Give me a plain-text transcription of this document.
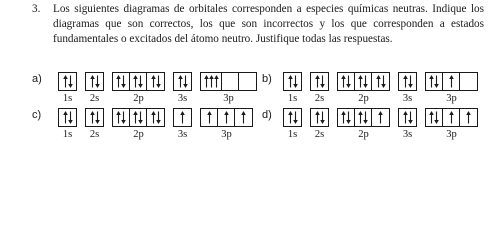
3. Los siguientes diagramas de orbitales corresponden a especies químicas neutras. Indique los diagramas que son correctos, los que son incorrectos y los que corresponden a estados fundamentales o excitados del átomo neutro. Justifique todas las respuestas.

a)
1s 2s	2p	3s	3p
b)
1s 2s	2p	3s	3p
c)
1s 2s	2p	3s	3p
d)
1s 2s	2p	3s	3p
